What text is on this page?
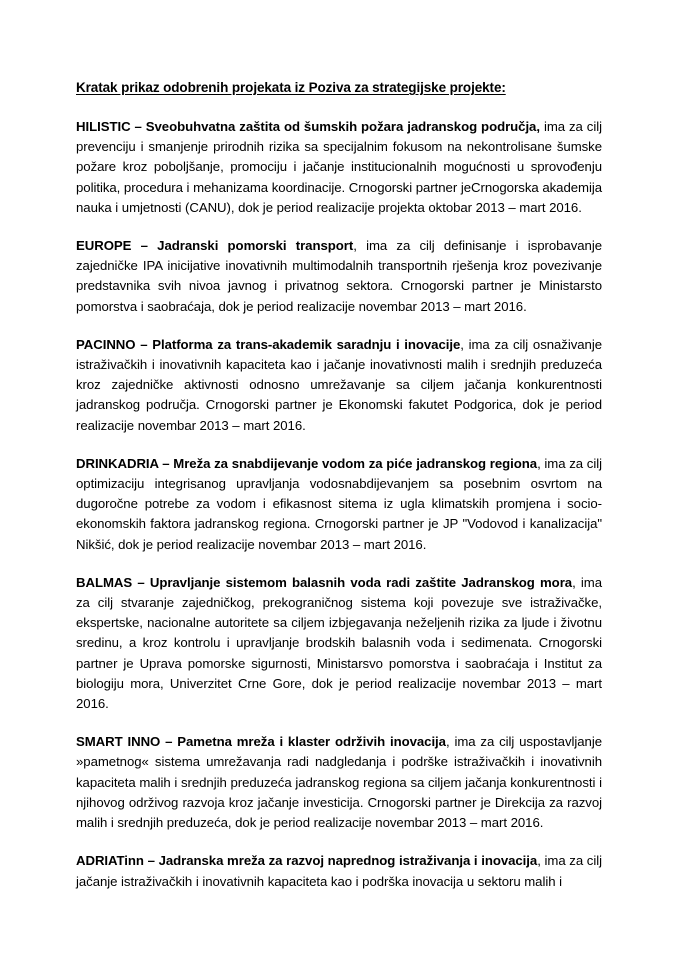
Kratak prikaz odobrenih projekata iz Poziva za strategijske projekte:

HILISTIC – Sveobuhvatna zaštita od šumskih požara jadranskog područja, ima za cilj prevenciju i smanjenje prirodnih rizika sa specijalnim fokusom na nekontrolisane šumske požare kroz poboljšanje, promociju i jačanje institucionalnih mogućnosti u sprovođenju politika, procedura i mehanizama koordinacije. Crnogorski partner jeCrnogorska akademija nauka i umjetnosti (CANU), dok je period realizacije projekta oktobar 2013 – mart 2016.

EUROPE – Jadranski pomorski transport, ima za cilj definisanje i isprobavanje zajedničke IPA inicijative inovativnih multimodalnih transportnih rješenja kroz povezivanje predstavnika svih nivoa javnog i privatnog sektora. Crnogorski partner je Ministarsto pomorstva i saobraćaja, dok je period realizacije novembar 2013 – mart 2016.

PACINNO – Platforma za trans-akademik saradnju i inovacije, ima za cilj osnaživanje istraživačkih i inovativnih kapaciteta kao i jačanje inovativnosti malih i srednjih preduzeća kroz zajedničke aktivnosti odnosno umrežavanje sa ciljem jačanja konkurentnosti jadranskog područja. Crnogorski partner je Ekonomski fakutet Podgorica, dok je period realizacije novembar 2013 – mart 2016.

DRINKADRIA – Mreža za snabdijevanje vodom za piće jadranskog regiona, ima za cilj optimizaciju integrisanog upravljanja vodosnabdijevanjem sa posebnim osvrtom na dugoročne potrebe za vodom i efikasnost sitema iz ugla klimatskih promjena i socio-ekonomskih faktora jadranskog regiona. Crnogorski partner je JP "Vodovod i kanalizacija" Nikšić, dok je period realizacije novembar 2013 – mart 2016.

BALMAS – Upravljanje sistemom balasnih voda radi zaštite Jadranskog mora, ima za cilj stvaranje zajedničkog, prekograničnog sistema koji povezuje sve istraživačke, ekspertske, nacionalne autoritete sa ciljem izbjegavanja neželjenih rizika za ljude i životnu sredinu, a kroz kontrolu i upravljanje brodskih balasnih voda i sedimenata. Crnogorski partner je Uprava pomorske sigurnosti, Ministarsvo pomorstva i saobraćaja i Institut za biologiju mora, Univerzitet Crne Gore, dok je period realizacije novembar 2013 – mart 2016.

SMART INNO – Pametna mreža i klaster održivih inovacija, ima za cilj uspostavljanje »pametnog« sistema umrežavanja radi nadgledanja i podrške istraživačkih i inovativnih kapaciteta malih i srednjih preduzeća jadranskog regiona sa ciljem jačanja konkurentnosti i njihovog održivog razvoja kroz jačanje investicija. Crnogorski partner je Direkcija za razvoj malih i srednjih preduzeća, dok je period realizacije novembar 2013 – mart 2016.

ADRIATinn – Jadranska mreža za razvoj naprednog istraživanja i inovacija, ima za cilj jačanje istraživačkih i inovativnih kapaciteta kao i podrška inovacija u sektoru malih i
